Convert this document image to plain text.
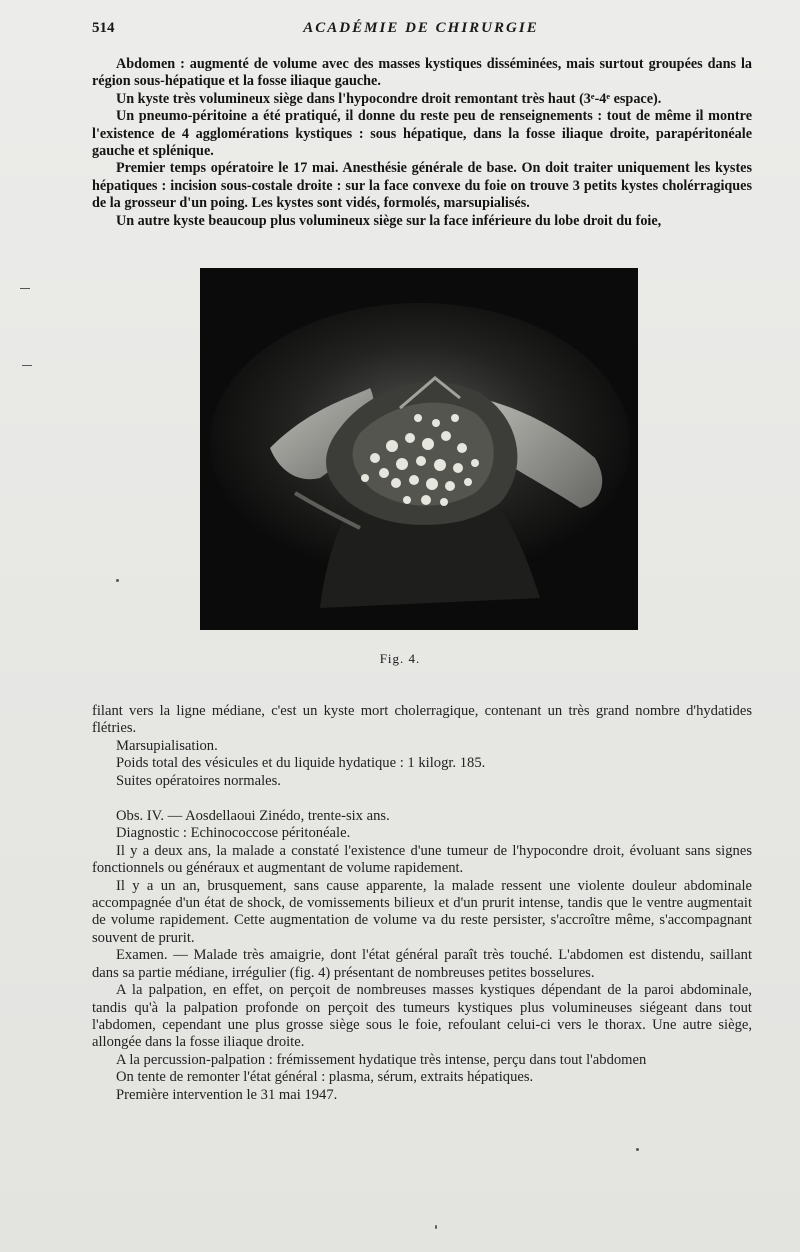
514	ACADÉMIE DE CHIRURGIE

Abdomen : augmenté de volume avec des masses kystiques disséminées, mais surtout groupées dans la région sous-hépatique et la fosse iliaque gauche.

Un kyste très volumineux siège dans l'hypocondre droit remontant très haut (3ᵉ-4ᵉ espace).

Un pneumo-péritoine a été pratiqué, il donne du reste peu de renseignements : tout de même il montre l'existence de 4 agglomérations kystiques : sous hépatique, dans la fosse iliaque droite, parapéritonéale gauche et splénique.

Premier temps opératoire le 17 mai. Anesthésie générale de base. On doit traiter uniquement les kystes hépatiques : incision sous-costale droite : sur la face convexe du foie on trouve 3 petits kystes cholérragiques de la grosseur d'un poing. Les kystes sont vidés, formolés, marsupialisés.

Un autre kyste beaucoup plus volumineux siège sur la face inférieure du lobe droit du foie,

Fig. 4.

filant vers la ligne médiane, c'est un kyste mort cholerragique, contenant un très grand nombre d'hydatides flétries.

Marsupialisation.

Poids total des vésicules et du liquide hydatique : 1 kilogr. 185.

Suites opératoires normales.

Obs. IV. — Aosdellaoui Zinédo, trente-six ans.

Diagnostic : Echinococcose péritonéale.

Il y a deux ans, la malade a constaté l'existence d'une tumeur de l'hypocondre droit, évoluant sans signes fonctionnels ou généraux et augmentant de volume rapidement.

Il y a un an, brusquement, sans cause apparente, la malade ressent une violente douleur abdominale accompagnée d'un état de shock, de vomissements bilieux et d'un prurit intense, tandis que le ventre augmentait de volume rapidement. Cette augmentation de volume va du reste persister, s'accroître même, s'accompagnant souvent de prurit.

Examen. — Malade très amaigrie, dont l'état général paraît très touché. L'abdomen est distendu, saillant dans sa partie médiane, irrégulier (fig. 4) présentant de nombreuses petites bosselures.

A la palpation, en effet, on perçoit de nombreuses masses kystiques dépendant de la paroi abdominale, tandis qu'à la palpation profonde on perçoit des tumeurs kystiques plus volumineuses siégeant dans tout l'abdomen, cependant une plus grosse siège sous le foie, refoulant celui-ci vers le thorax. Une autre siège, allongée dans la fosse iliaque droite.

A la percussion-palpation : frémissement hydatique très intense, perçu dans tout l'abdomen

On tente de remonter l'état général : plasma, sérum, extraits hépatiques.

Première intervention le 31 mai 1947.
